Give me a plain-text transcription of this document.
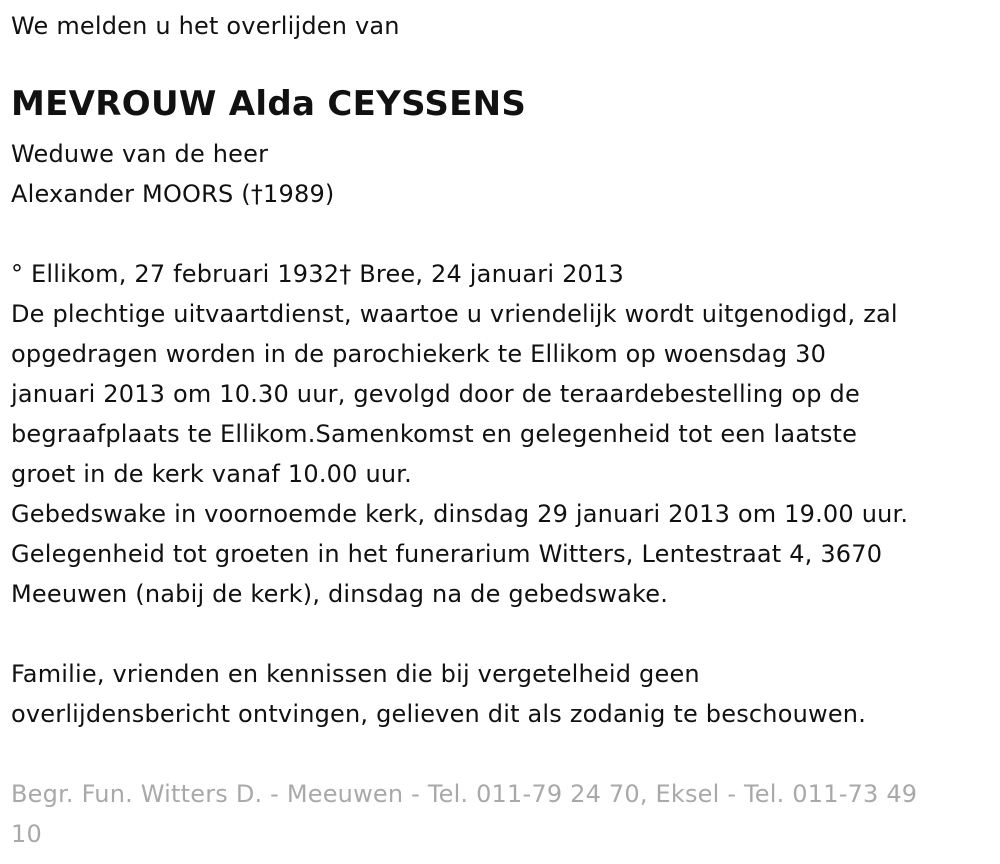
We melden u het overlijden van
MEVROUW Alda CEYSSENS
Weduwe van de heer
Alexander MOORS (†1989)
° Ellikom, 27 februari 1932† Bree, 24 januari 2013
De plechtige uitvaartdienst, waartoe u vriendelijk wordt uitgenodigd, zal
opgedragen worden in de parochiekerk te Ellikom op woensdag 30
januari 2013 om 10.30 uur, gevolgd door de teraardebestelling op de
begraafplaats te Ellikom.Samenkomst en gelegenheid tot een laatste
groet in de kerk vanaf 10.00 uur.
Gebedswake in voornoemde kerk, dinsdag 29 januari 2013 om 19.00 uur.
Gelegenheid tot groeten in het funerarium Witters, Lentestraat 4, 3670
Meeuwen (nabij de kerk), dinsdag na de gebedswake.
Familie, vrienden en kennissen die bij vergetelheid geen
overlijdensbericht ontvingen, gelieven dit als zodanig te beschouwen.
Begr. Fun. Witters D. - Meeuwen - Tel. 011-79 24 70, Eksel - Tel. 011-73 49
10
